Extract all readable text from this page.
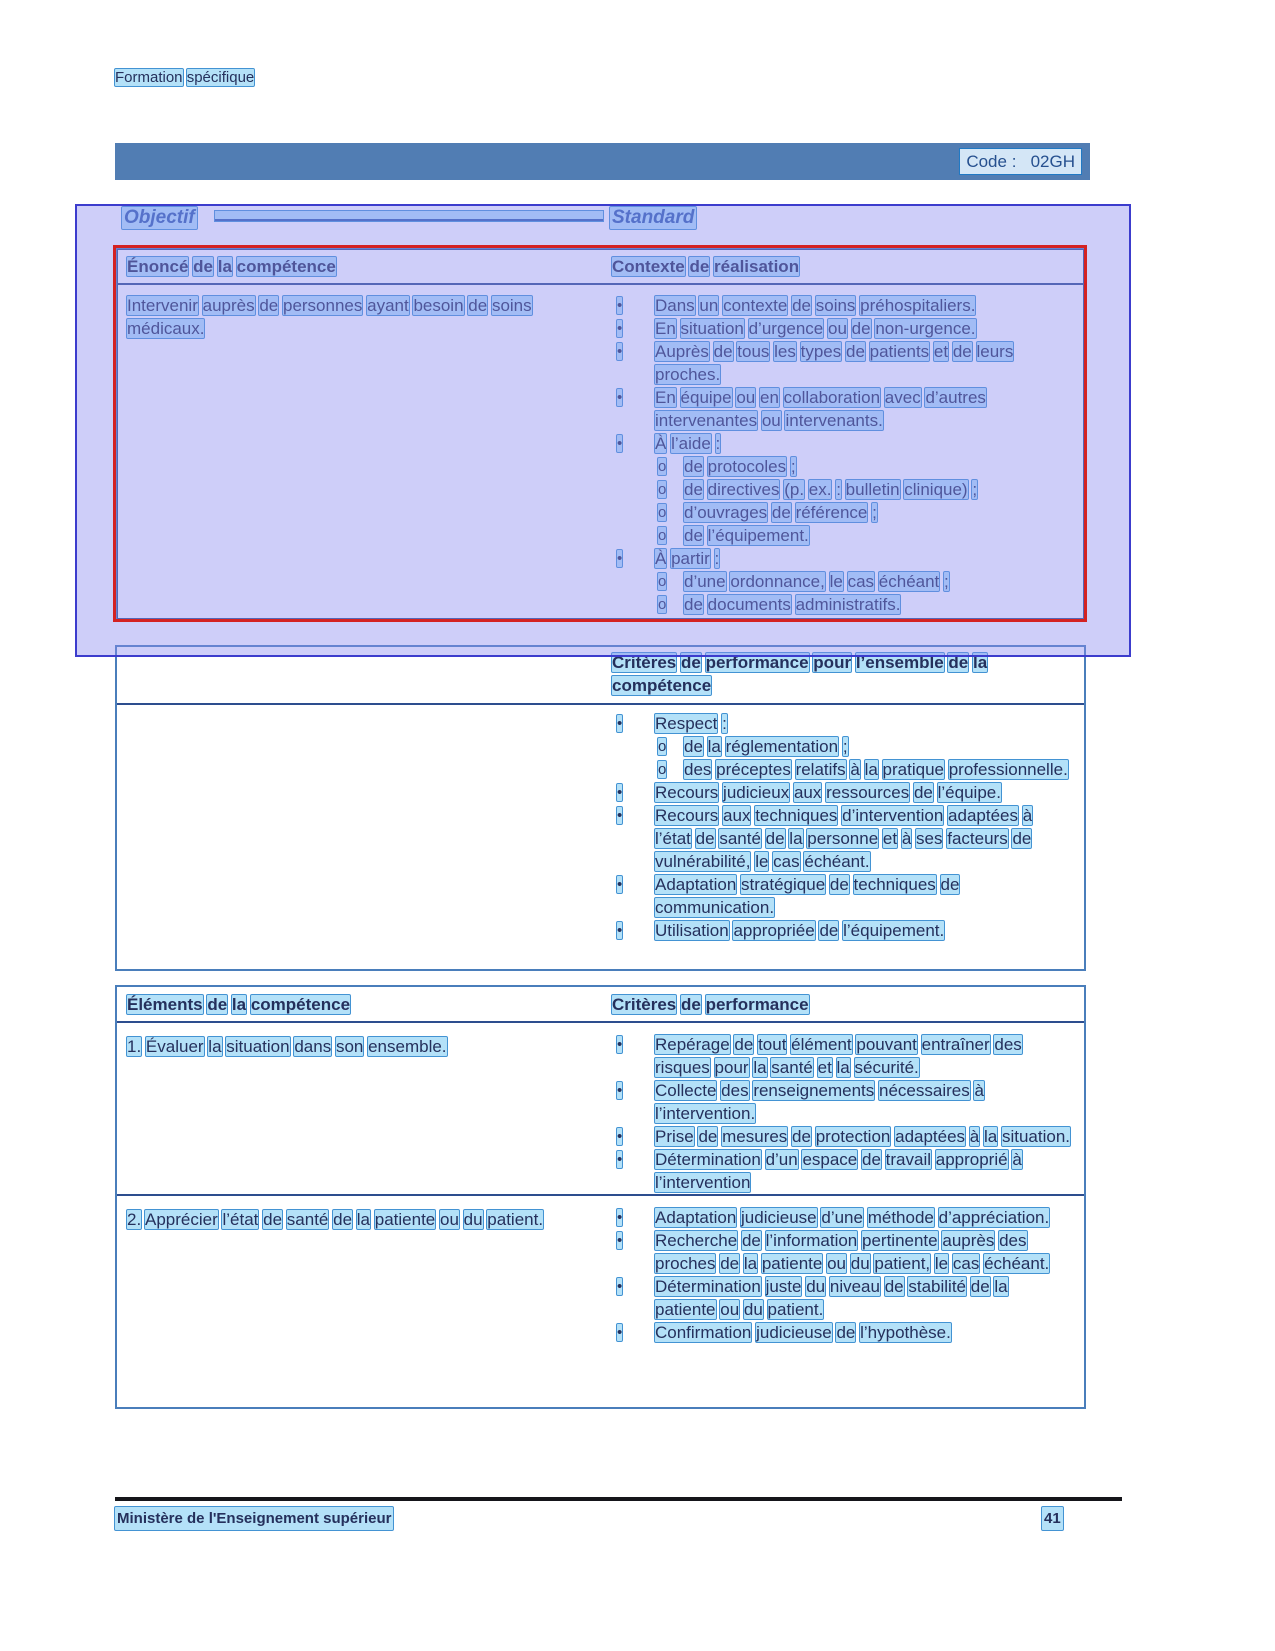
Formation spécifique
Code :   02GH
Objectif	Standard
Énoncé de la compétence	Contexte de réalisation
Intervenir auprès de personnes ayant besoin de soins médicaux.
•	Dans un contexte de soins préhospitaliers.
•	En situation d’urgence ou de non-urgence.
•	Auprès de tous les types de patients et de leurs proches.
•	En équipe ou en collaboration avec d’autres intervenantes ou intervenants.
•	À l’aide :
o	de protocoles ;
o	de directives (p. ex. : bulletin clinique) ;
o	d’ouvrages de référence ;
o	de l’équipement.
•	À partir :
o	d’une ordonnance, le cas échéant ;
o	de documents administratifs.
Critères de performance pour l’ensemble de la compétence
•	Respect :
o	de la réglementation ;
o	des préceptes relatifs à la pratique professionnelle.
•	Recours judicieux aux ressources de l’équipe.
•	Recours aux techniques d’intervention adaptées à l’état de santé de la personne et à ses facteurs de vulnérabilité, le cas échéant.
•	Adaptation stratégique de techniques de communication.
•	Utilisation appropriée de l’équipement.
Éléments de la compétence	Critères de performance
1. Évaluer la situation dans son ensemble.	•	Repérage de tout élément pouvant entraîner des risques pour la santé et la sécurité.
•	Collecte des renseignements nécessaires à l’intervention.
•	Prise de mesures de protection adaptées à la situation.
•	Détermination d’un espace de travail approprié à l’intervention
2. Apprécier l’état de santé de la patiente ou du patient.	•	Adaptation judicieuse d’une méthode d’appréciation.
•	Recherche de l’information pertinente auprès des proches de la patiente ou du patient, le cas échéant.
•	Détermination juste du niveau de stabilité de la patiente ou du patient.
•	Confirmation judicieuse de l’hypothèse.
Ministère de l'Enseignement supérieur	41
